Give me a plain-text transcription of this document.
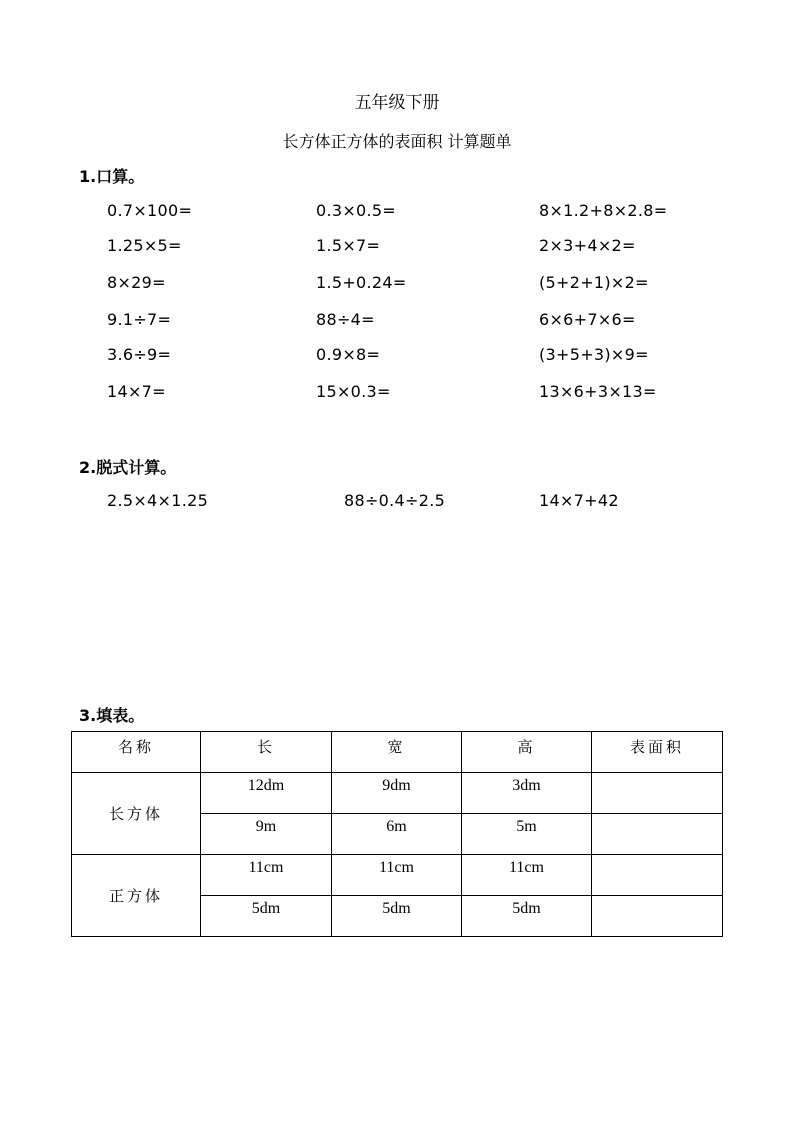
五年级下册
长方体正方体的表面积 计算题单
1.口算。
0.7×100=	0.3×0.5=	8×1.2+8×2.8=
1.25×5=	1.5×7=	2×3+4×2=
8×29=	1.5+0.24=	(5+2+1)×2=
9.1÷7=	88÷4=	6×6+7×6=
3.6÷9=	0.9×8=	(3+5+3)×9=
14×7=	15×0.3=	13×6+3×13=
2.脱式计算。
2.5×4×1.25	88÷0.4÷2.5	14×7+42
3.填表。
名称	长	宽	高	表面积
长方体	12dm	9dm	3dm	
	9m	6m	5m	
正方体	11cm	11cm	11cm	
	5dm	5dm	5dm	
